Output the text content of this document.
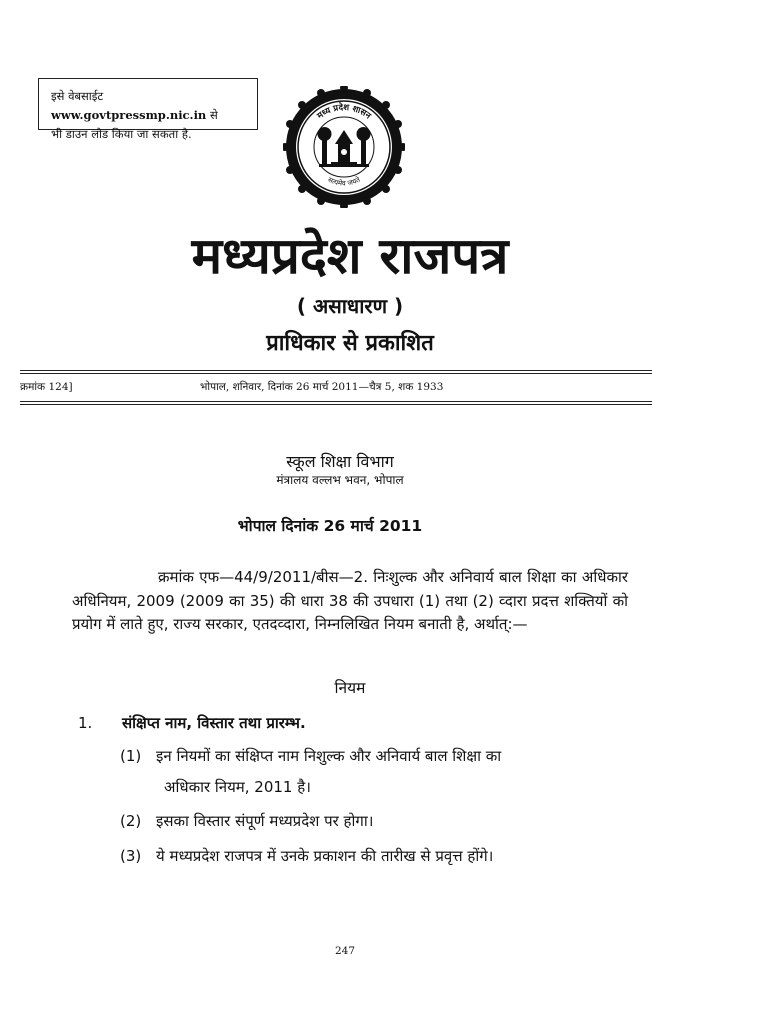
इसे वेबसाईट www.govtpressmp.nic.in से
भी डाउन लोड किया जा सकता है.
मध्य प्रदेश शासन
सत्यमेव जयते
मध्यप्रदेश राजपत्र
( असाधारण )
प्राधिकार से प्रकाशित
क्रमांक 124]	भोपाल, शनिवार, दिनांक 26 मार्च 2011—चैत्र 5, शक 1933
स्कूल शिक्षा विभाग
मंत्रालय वल्लभ भवन, भोपाल
भोपाल दिनांक 26 मार्च 2011
क्रमांक एफ—44/9/2011/बीस—2. निःशुल्क और अनिवार्य बाल शिक्षा का अधिकार अधिनियम, 2009 (2009 का 35) की धारा 38 की उपधारा (1) तथा (2) व्दारा प्रदत्त शक्तियों को प्रयोग में लाते हुए, राज्य सरकार, एतदव्दारा, निम्नलिखित नियम बनाती है, अर्थात्:—
नियम
1. संक्षिप्त नाम, विस्तार तथा प्रारम्भ.
(1) इन नियमों का संक्षिप्त नाम निशुल्क और अनिवार्य बाल शिक्षा का
अधिकार नियम, 2011 है।
(2) इसका विस्तार संपूर्ण मध्यप्रदेश पर होगा।
(3) ये मध्यप्रदेश राजपत्र में उनके प्रकाशन की तारीख से प्रवृत्त होंगे।
247
